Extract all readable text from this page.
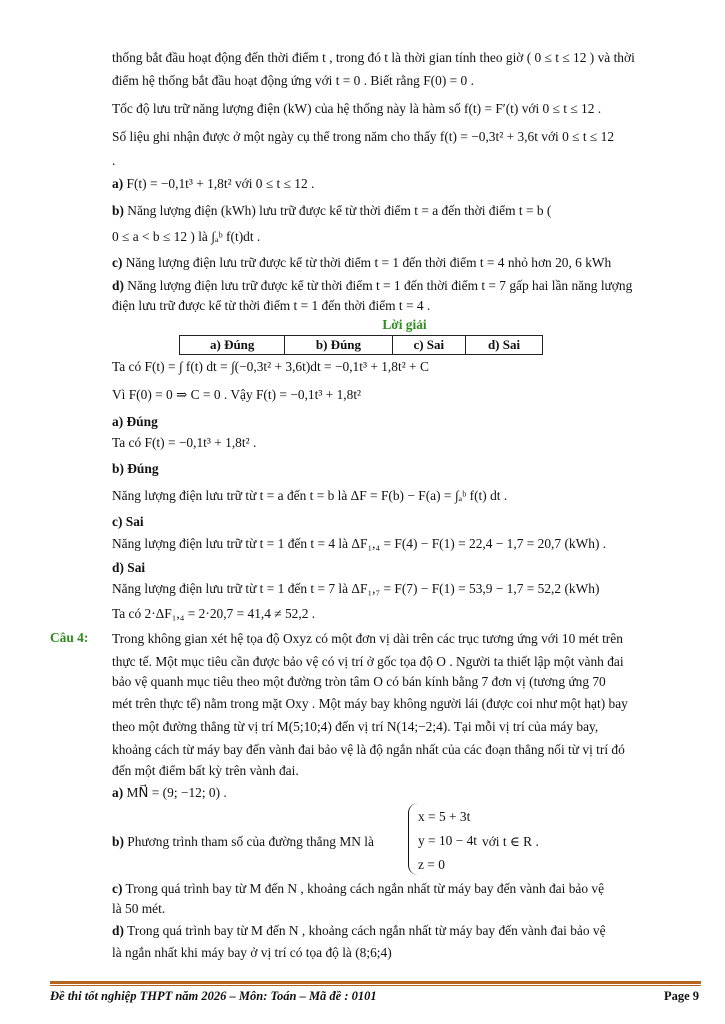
thống bắt đầu hoạt động đến thời điểm t , trong đó t là thời gian tính theo giờ ( 0 ≤ t ≤ 12 ) và thời
điểm hệ thống bắt đầu hoạt động ứng với t = 0 . Biết rằng F(0) = 0 .
Tốc độ lưu trữ năng lượng điện (kW) của hệ thống này là hàm số f(t) = F′(t) với 0 ≤ t ≤ 12 .
Số liệu ghi nhận được ở một ngày cụ thể trong năm cho thấy f(t) = −0,3t² + 3,6t với 0 ≤ t ≤ 12
.
a) F(t) = −0,1t³ + 1,8t² với 0 ≤ t ≤ 12 .
b) Năng lượng điện (kWh) lưu trữ được kể từ thời điểm t = a đến thời điểm t = b (
0 ≤ a < b ≤ 12 ) là ∫ₐᵇ f(t)dt .
c) Năng lượng điện lưu trữ được kể từ thời điểm t = 1 đến thời điểm t = 4 nhỏ hơn 20, 6 kWh
d) Năng lượng điện lưu trữ được kể từ thời điểm t = 1 đến thời điểm t = 7 gấp hai lần năng lượng
điện lưu trữ được kể từ thời điểm t = 1 đến thời điểm t = 4 .
Lời giải
a) Đúng	b) Đúng	c) Sai	d) Sai
Ta có F(t) = ∫ f(t) dt = ∫(−0,3t² + 3,6t)dt = −0,1t³ + 1,8t² + C
Vì F(0) = 0 ⇒ C = 0 . Vậy F(t) = −0,1t³ + 1,8t²
a) Đúng
Ta có F(t) = −0,1t³ + 1,8t² .
b) Đúng
Năng lượng điện lưu trữ từ t = a đến t = b là ΔF = F(b) − F(a) = ∫ₐᵇ f(t) dt .
c) Sai
Năng lượng điện lưu trữ từ t = 1 đến t = 4 là ΔF₁,₄ = F(4) − F(1) = 22,4 − 1,7 = 20,7 (kWh) .
d) Sai
Năng lượng điện lưu trữ từ t = 1 đến t = 7 là ΔF₁,₇ = F(7) − F(1) = 53,9 − 1,7 = 52,2 (kWh)
Ta có 2·ΔF₁,₄ = 2·20,7 = 41,4 ≠ 52,2 .
Câu 4: Trong không gian xét hệ tọa độ Oxyz có một đơn vị dài trên các trục tương ứng với 10 mét trên
thực tế. Một mục tiêu cần được bảo vệ có vị trí ở gốc tọa độ O . Người ta thiết lập một vành đai
bảo vệ quanh mục tiêu theo một đường tròn tâm O có bán kính bằng 7 đơn vị (tương ứng 70
mét trên thực tế) nằm trong mặt Oxy . Một máy bay không người lái (được coi như một hạt) bay
theo một đường thẳng từ vị trí M(5;10;4) đến vị trí N(14;−2;4). Tại mỗi vị trí của máy bay,
khoảng cách từ máy bay đến vành đai bảo vệ là độ ngắn nhất của các đoạn thẳng nối từ vị trí đó
đến một điểm bất kỳ trên vành đai.
a) MN⃗ = (9; −12; 0) .
b) Phương trình tham số của đường thẳng MN là
x = 5 + 3t
y = 10 − 4t
z = 0
với t ∈ R .
c) Trong quá trình bay từ M đến N , khoảng cách ngắn nhất từ máy bay đến vành đai bảo vệ
là 50 mét.
d) Trong quá trình bay từ M đến N , khoảng cách ngắn nhất từ máy bay đến vành đai bảo vệ
là ngắn nhất khi máy bay ở vị trí có tọa độ là (8;6;4)
Đề thi tốt nghiệp THPT năm 2026 – Môn: Toán – Mã đề : 0101	Page 9
